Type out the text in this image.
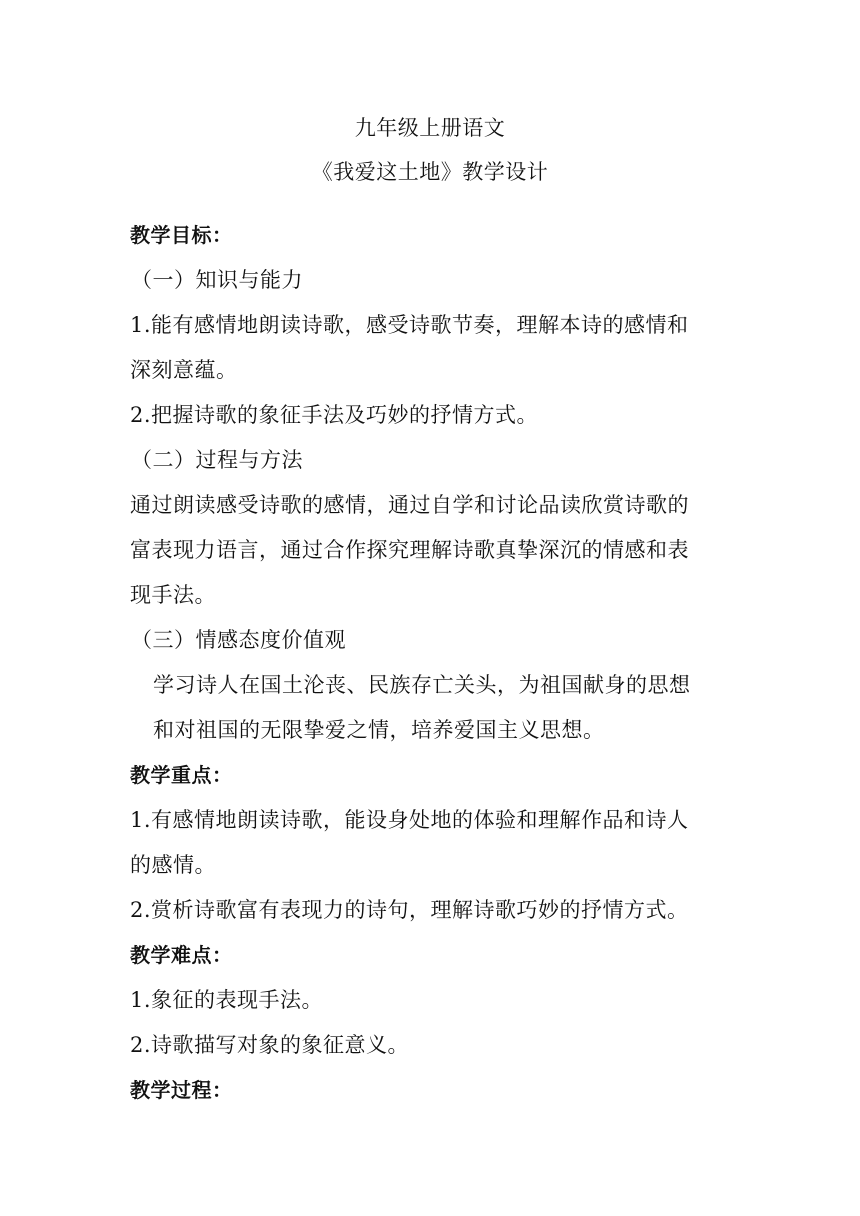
九年级上册语文
《我爱这土地》教学设计
教学目标：
（一）知识与能力
1.能有感情地朗读诗歌，感受诗歌节奏，理解本诗的感情和
深刻意蕴。
2.把握诗歌的象征手法及巧妙的抒情方式。
（二）过程与方法
通过朗读感受诗歌的感情，通过自学和讨论品读欣赏诗歌的
富表现力语言，通过合作探究理解诗歌真挚深沉的情感和表
现手法。
（三）情感态度价值观
学习诗人在国土沦丧、民族存亡关头，为祖国献身的思想
和对祖国的无限挚爱之情，培养爱国主义思想。
教学重点：
1.有感情地朗读诗歌，能设身处地的体验和理解作品和诗人
的感情。
2.赏析诗歌富有表现力的诗句，理解诗歌巧妙的抒情方式。
教学难点：
1.象征的表现手法。
2.诗歌描写对象的象征意义。
教学过程：
